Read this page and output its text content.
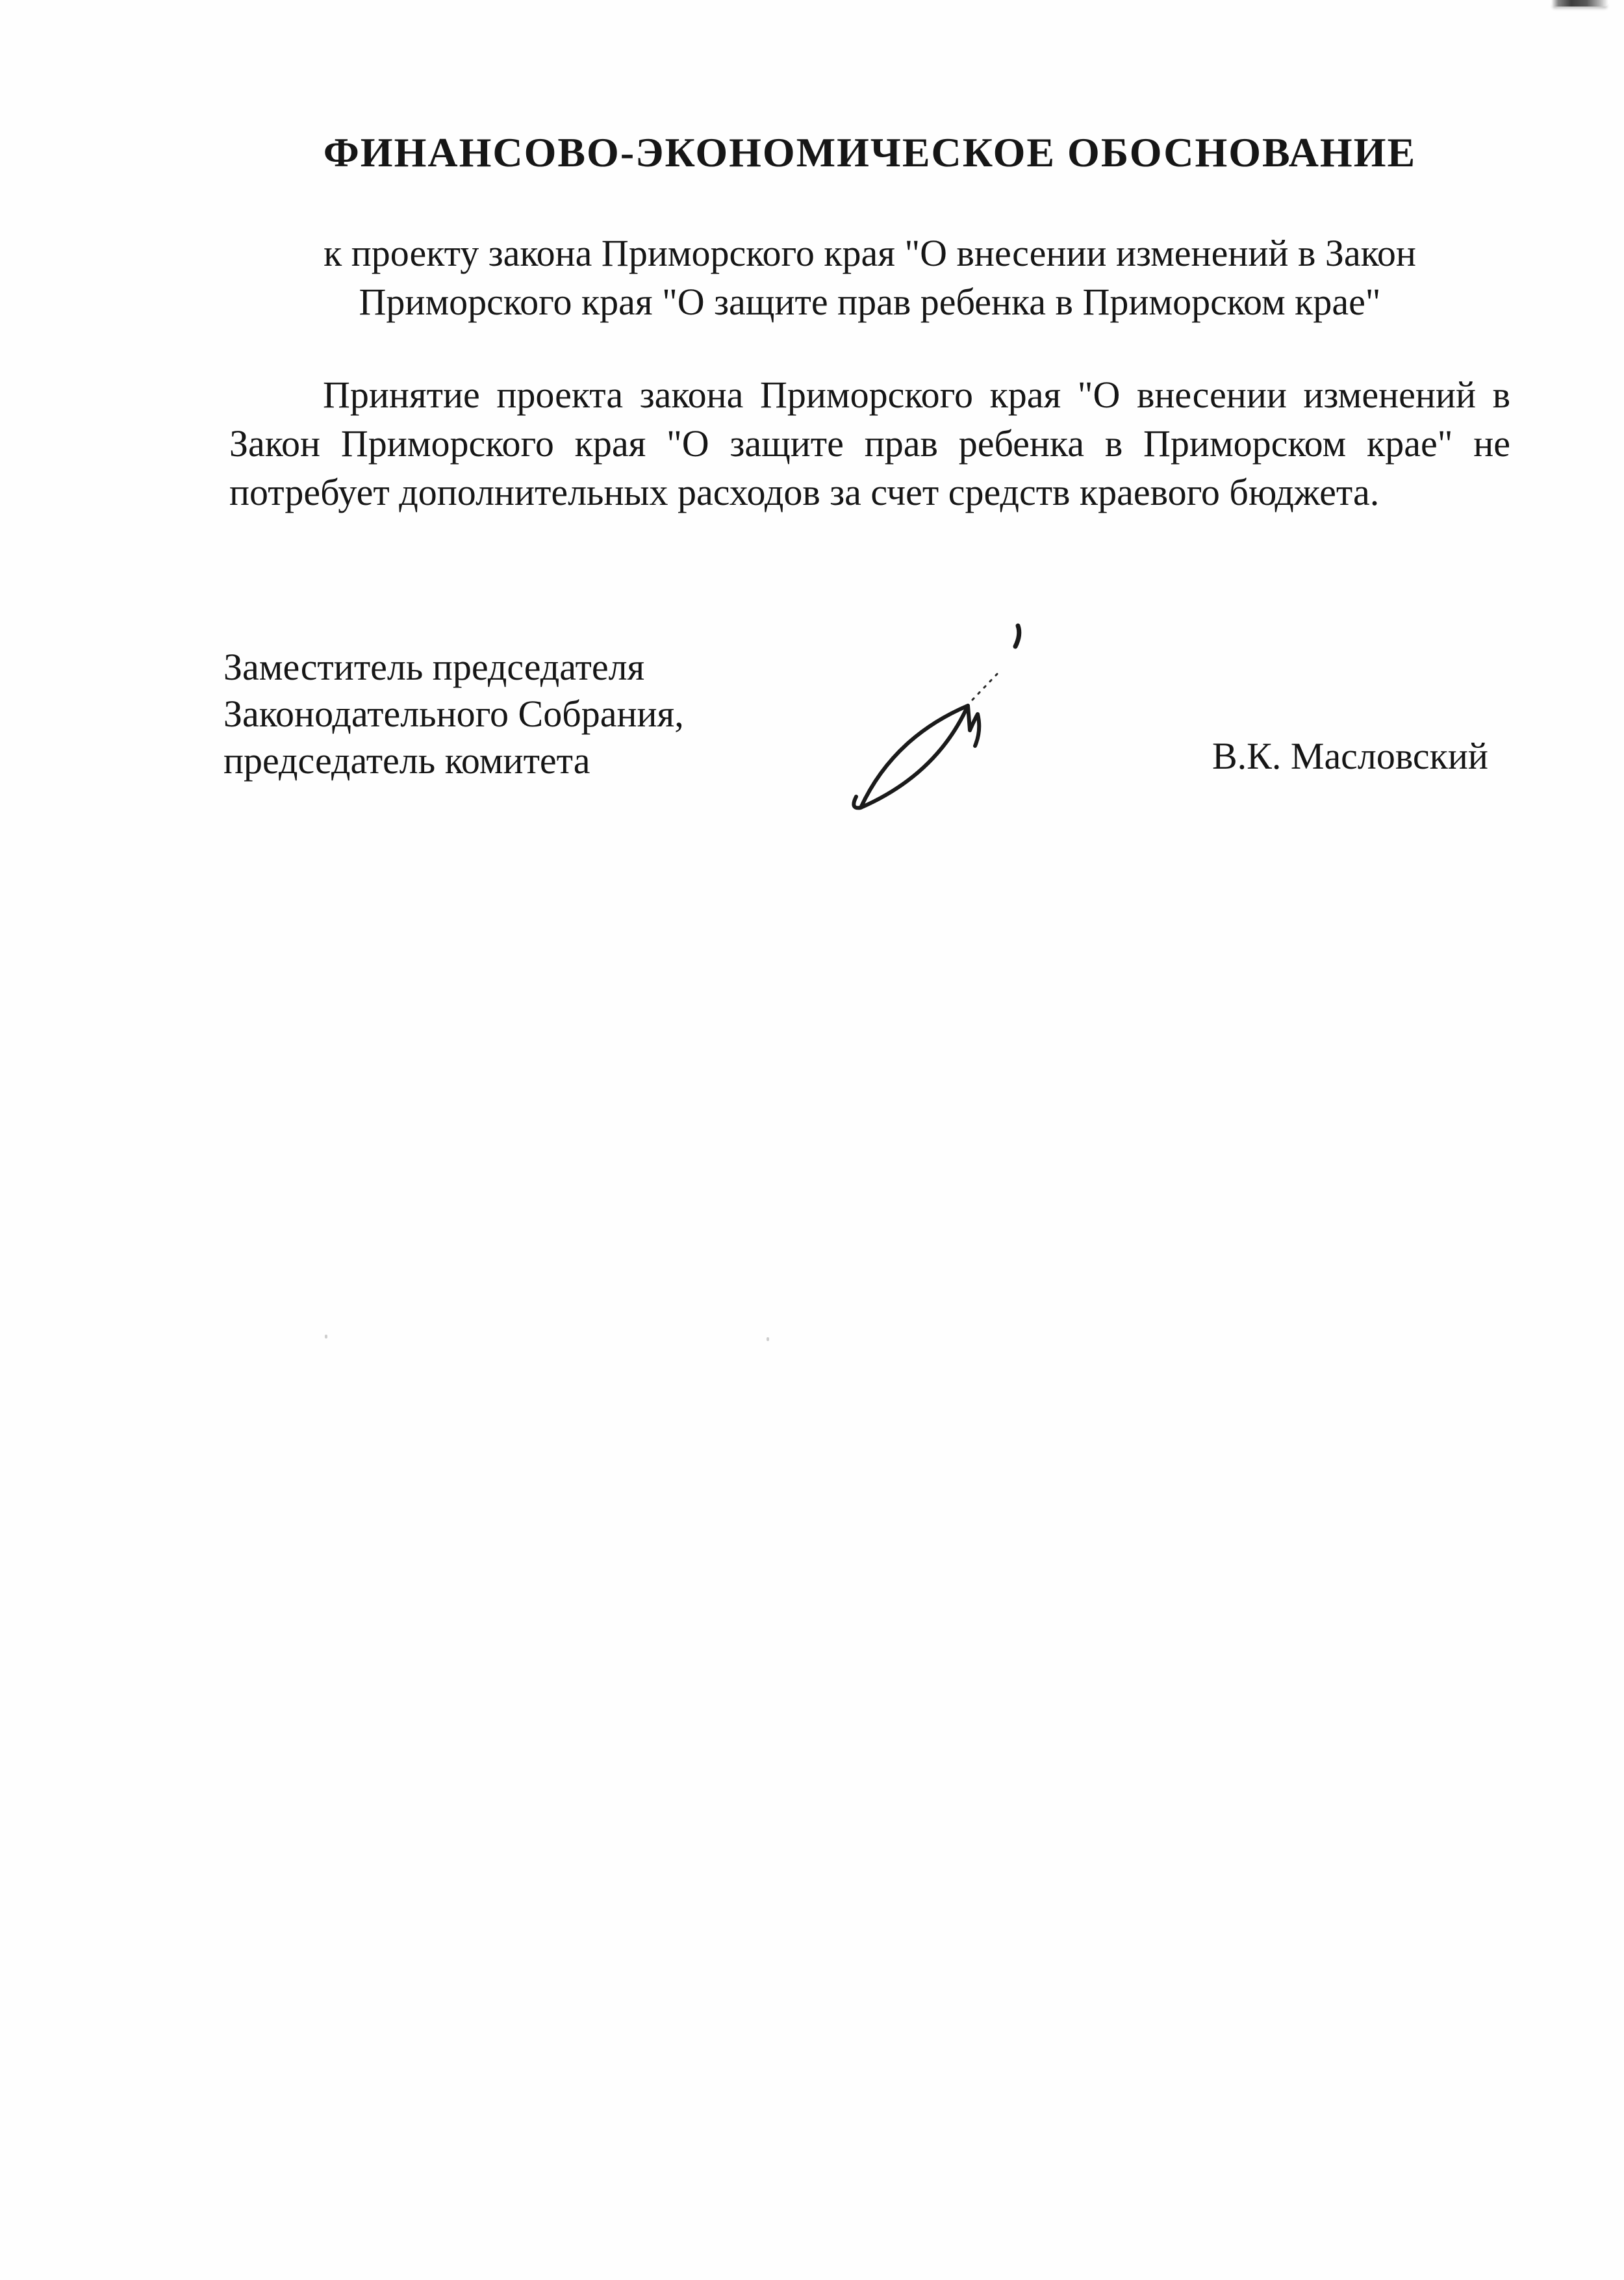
ФИНАНСОВО-ЭКОНОМИЧЕСКОЕ ОБОСНОВАНИЕ
к проекту закона Приморского края "О внесении изменений в Закон
Приморского края "О защите прав ребенка в Приморском крае"
Принятие проекта закона Приморского края "О внесении изменений в
Закон Приморского края "О защите прав ребенка в Приморском крае" не
потребует дополнительных расходов за счет средств краевого бюджета.
Заместитель председателя
Законодательного Собрания,
председатель комитета	В.К. Масловский
